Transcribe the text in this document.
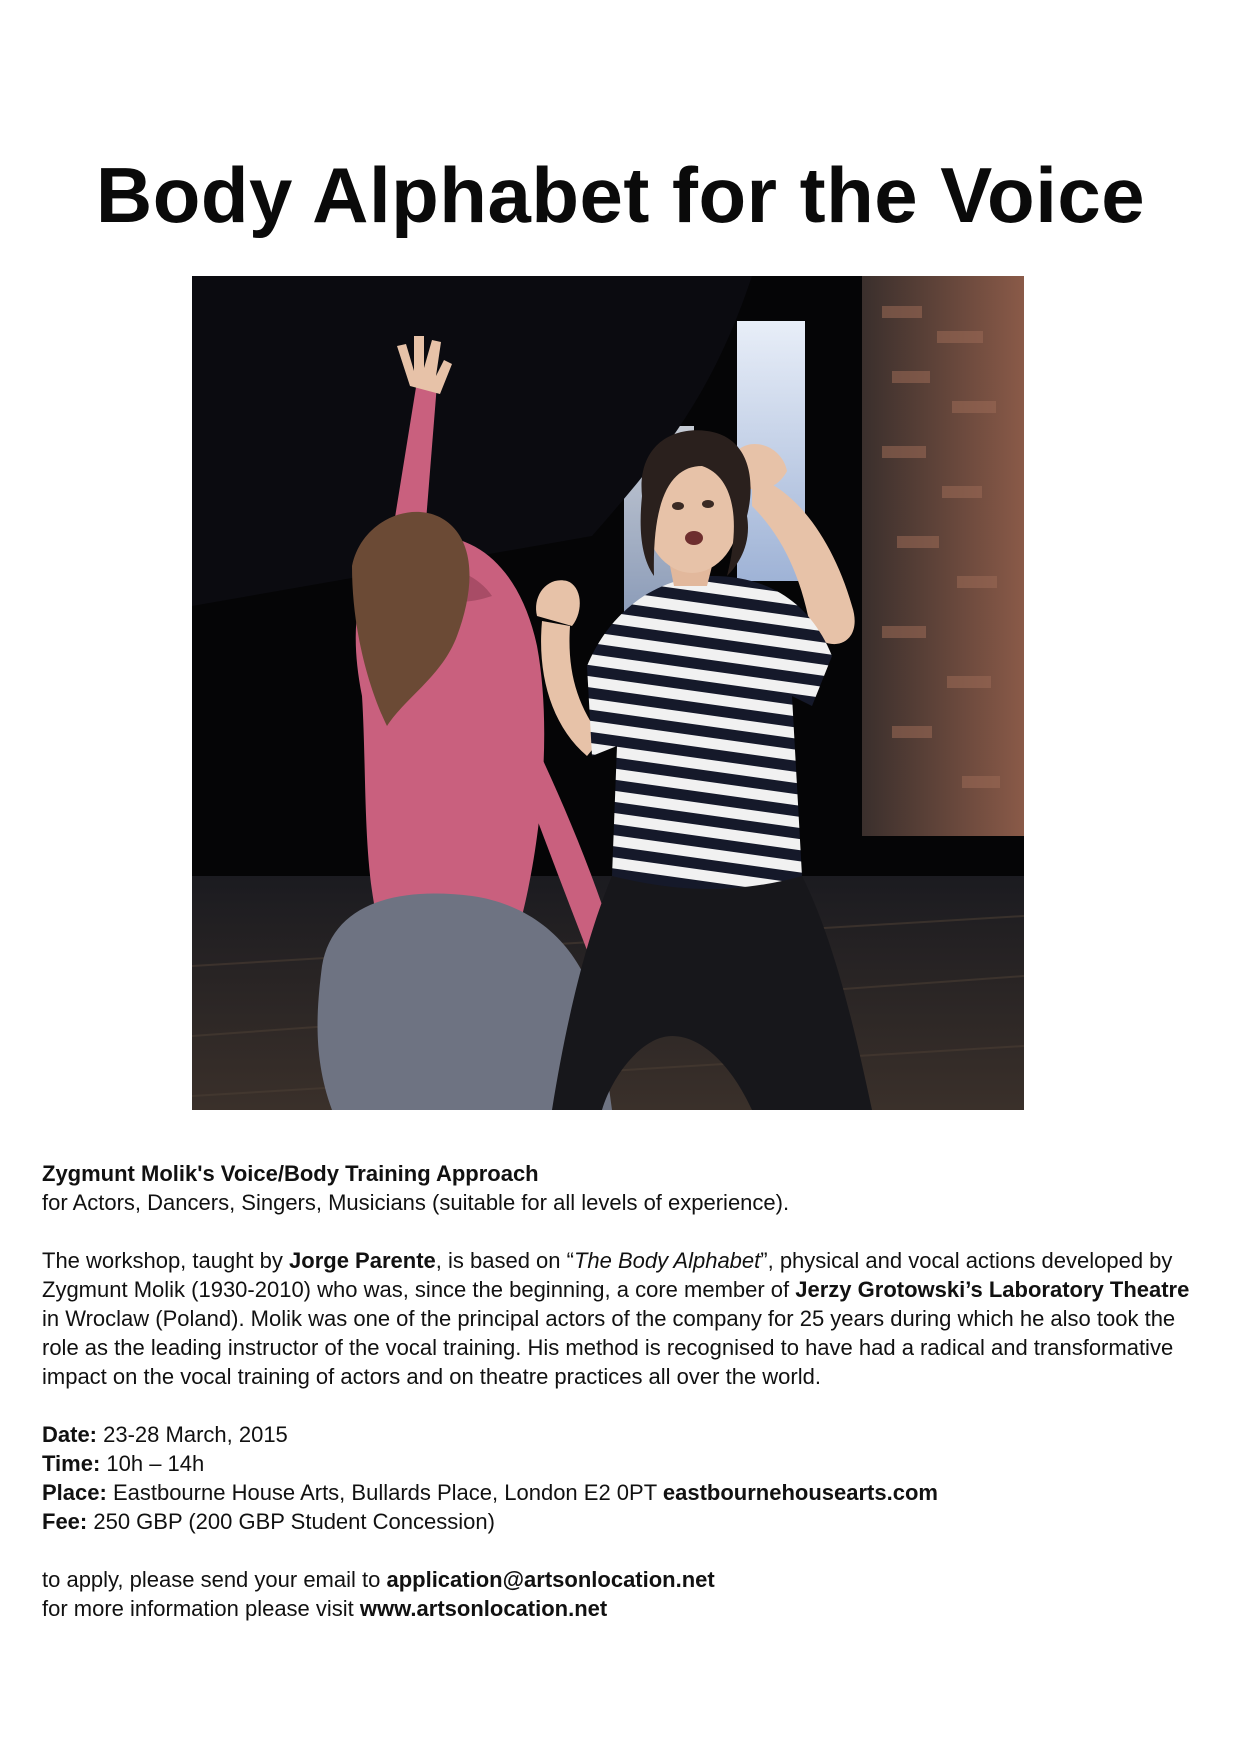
Body Alphabet for the Voice

Zygmunt Molik's Voice/Body Training Approach

for Actors, Dancers, Singers, Musicians (suitable for all levels of experience).

The workshop, taught by Jorge Parente, is based on “The Body Alphabet”, physical and vocal actions developed by Zygmunt Molik (1930-2010) who was, since the beginning, a core member of Jerzy Grotowski’s Laboratory Theatre in Wroclaw (Poland). Molik was one of the principal actors of the company for 25 years during which he also took the role as the leading instructor of the vocal training. His method is recognised to have had a radical and transformative impact on the vocal training of actors and on theatre practices all over the world.

Date: 23-28 March, 2015

Time: 10h – 14h

Place: Eastbourne House Arts, Bullards Place, London E2 0PT eastbournehousearts.com

Fee: 250 GBP (200 GBP Student Concession)

to apply, please send your email to application@artsonlocation.net

for more information please visit www.artsonlocation.net
